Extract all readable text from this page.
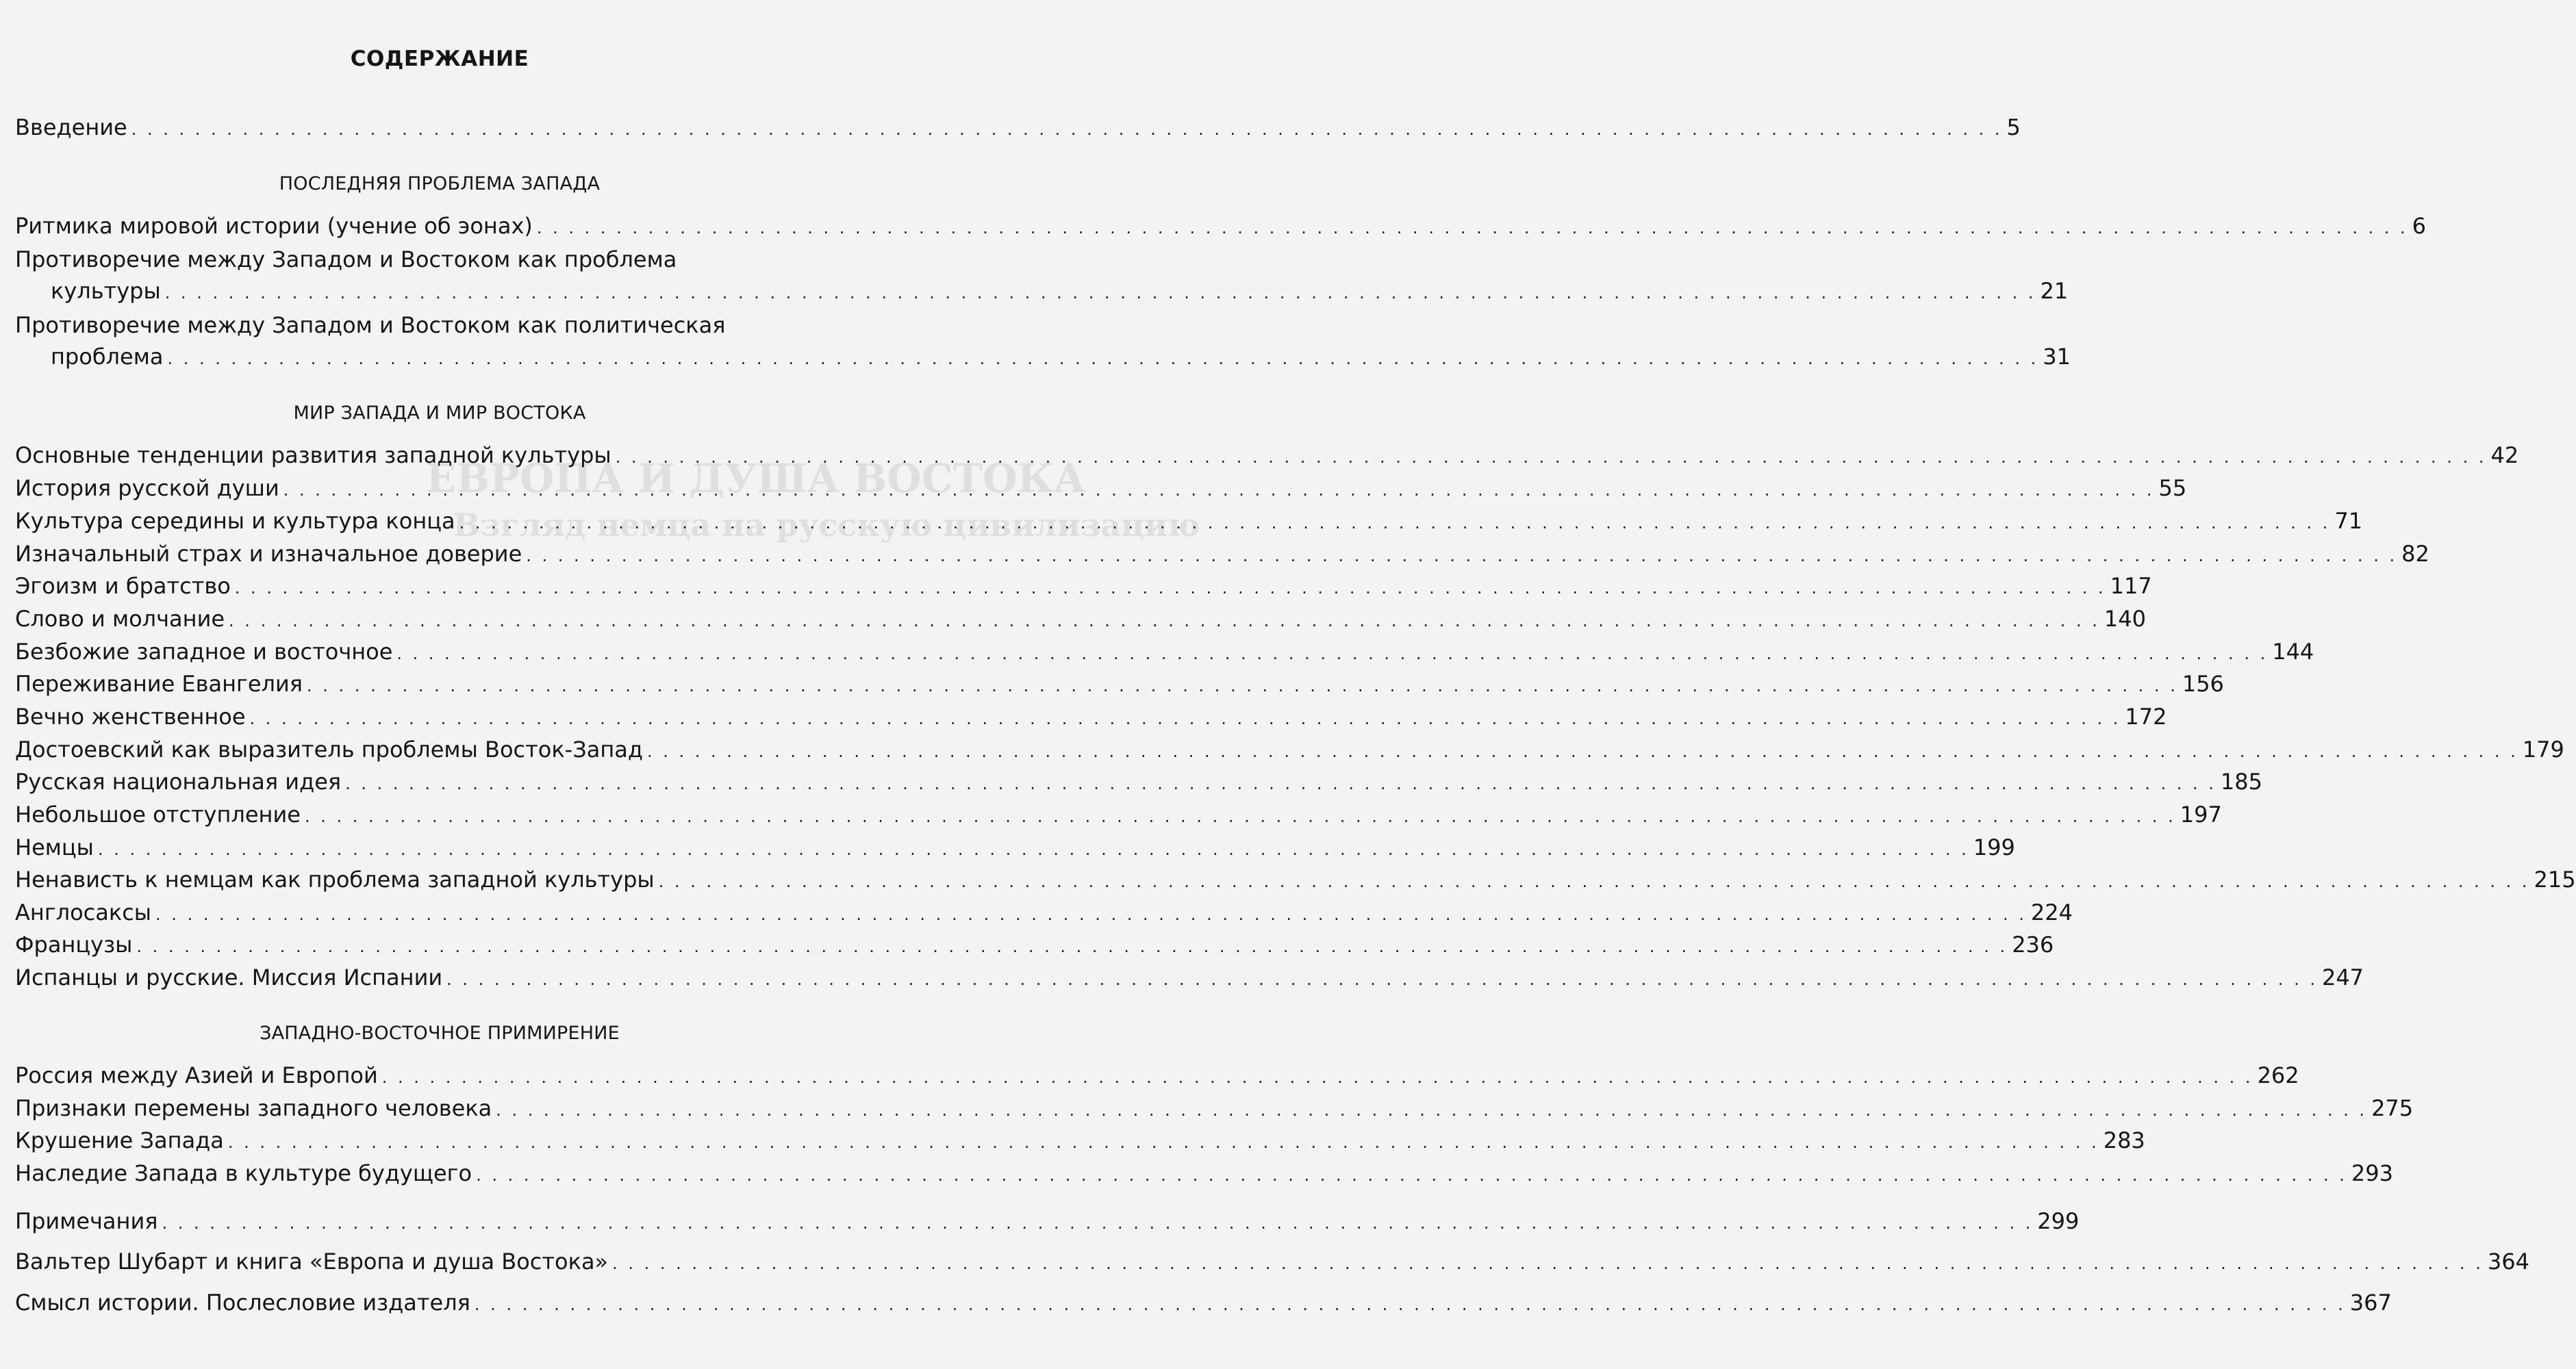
ЕВРОПА И ДУША ВОСТОКА
Взгляд немца на русскую цивилизацию
СОДЕРЖАНИЕ
Введение . . .	5
ПОСЛЕДНЯЯ ПРОБЛЕМА ЗАПАДА
Ритмика мировой истории (учение об эонах) . . .	6
Противоречие между Западом и Востоком как проблема
культуры . . .	21
Противоречие между Западом и Востоком как политическая
проблема . . .	31
МИР ЗАПАДА И МИР ВОСТОКА
Основные тенденции развития западной культуры . . .	42
История русской души . . .	55
Культура середины и культура конца . . .	71
Изначальный страх и изначальное доверие . . .	82
Эгоизм и братство . . .	117
Слово и молчание . . .	140
Безбожие западное и восточное . . .	144
Переживание Евангелия . . .	156
Вечно женственное . . .	172
Достоевский как выразитель проблемы Восток-Запад . . .	179
Русская национальная идея . . .	185
Небольшое отступление . . .	197
Немцы . . .	199
Ненависть к немцам как проблема западной культуры . . .	215
Англосаксы . . .	224
Французы . . .	236
Испанцы и русские. Миссия Испании . . .	247
ЗАПАДНО-ВОСТОЧНОЕ ПРИМИРЕНИЕ
Россия между Азией и Европой . . .	262
Признаки перемены западного человека . . .	275
Крушение Запада . . .	283
Наследие Запада в культуре будущего . . .	293
Примечания . . .	299
Вальтер Шубарт и книга «Европа и душа Востока» . . .	364
Смысл истории. Послесловие издателя . . .	367
